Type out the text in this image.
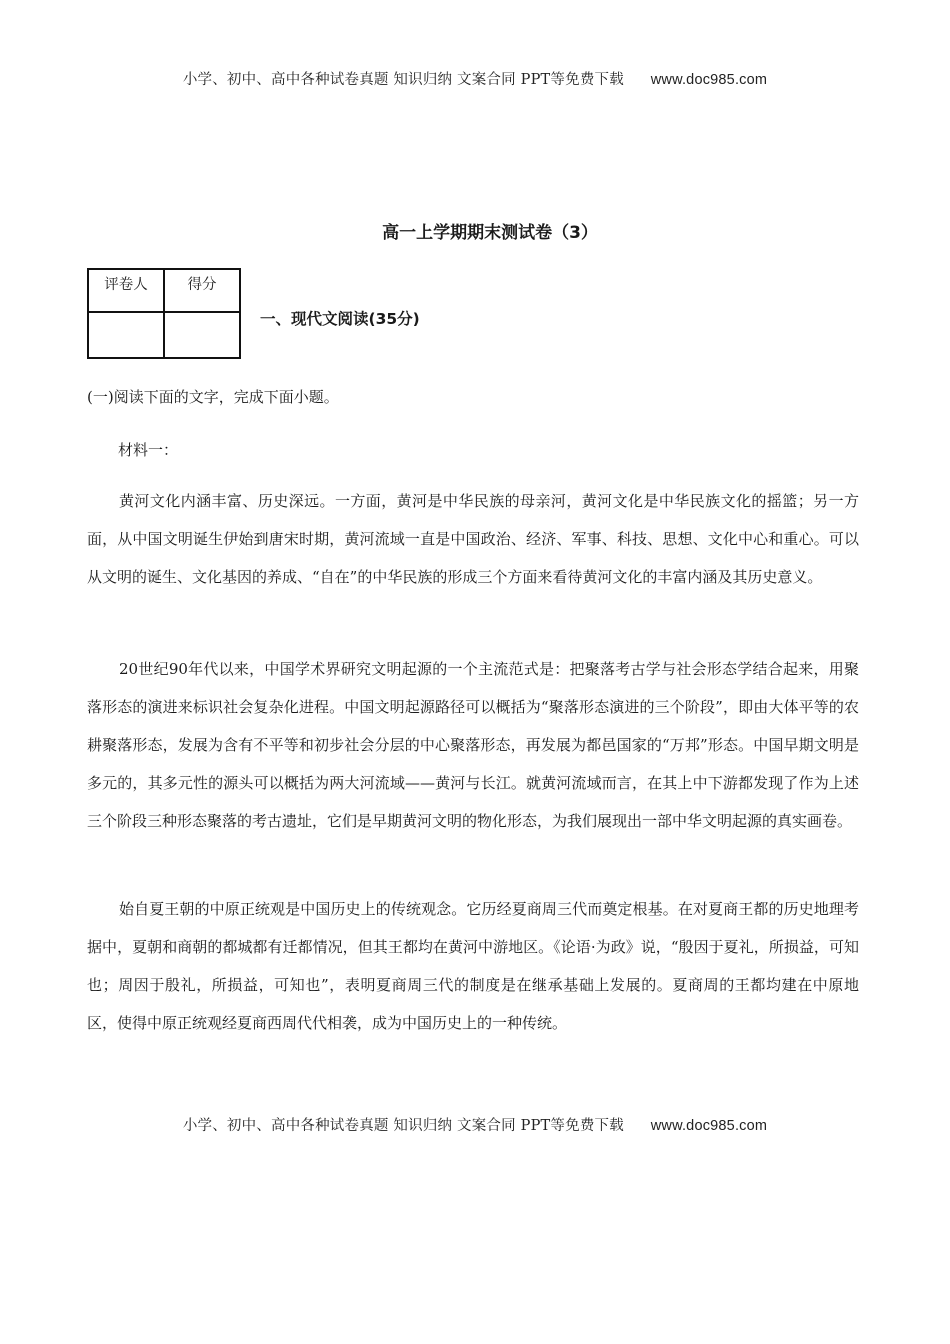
小学、初中、高中各种试卷真题 知识归纳 文案合同 PPT等免费下载 www.doc985.com
高一上学期期末测试卷（3）
评卷人	得分

一、现代文阅读(35分)
(一)阅读下面的文字，完成下面小题。
材料一：

黄河文化内涵丰富、历史深远。一方面，黄河是中华民族的母亲河，黄河文化是中华民族文化的摇篮；另一方面，从中国文明诞生伊始到唐宋时期，黄河流域一直是中国政治、经济、军事、科技、思想、文化中心和重心。可以从文明的诞生、文化基因的养成、“自在”的中华民族的形成三个方面来看待黄河文化的丰富内涵及其历史意义。

20世纪90年代以来，中国学术界研究文明起源的一个主流范式是：把聚落考古学与社会形态学结合起来，用聚落形态的演进来标识社会复杂化进程。中国文明起源路径可以概括为“聚落形态演进的三个阶段”，即由大体平等的农耕聚落形态，发展为含有不平等和初步社会分层的中心聚落形态，再发展为都邑国家的“万邦”形态。中国早期文明是多元的，其多元性的源头可以概括为两大河流域——黄河与长江。就黄河流域而言，在其上中下游都发现了作为上述三个阶段三种形态聚落的考古遗址，它们是早期黄河文明的物化形态，为我们展现出一部中华文明起源的真实画卷。

始自夏王朝的中原正统观是中国历史上的传统观念。它历经夏商周三代而奠定根基。在对夏商王都的历史地理考据中，夏朝和商朝的都城都有迁都情况，但其王都均在黄河中游地区。《论语·为政》说，“殷因于夏礼，所损益，可知也；周因于殷礼，所损益，可知也”，表明夏商周三代的制度是在继承基础上发展的。夏商周的王都均建在中原地区，使得中原正统观经夏商西周代代相袭，成为中国历史上的一种传统。

小学、初中、高中各种试卷真题 知识归纳 文案合同 PPT等免费下载 www.doc985.com
